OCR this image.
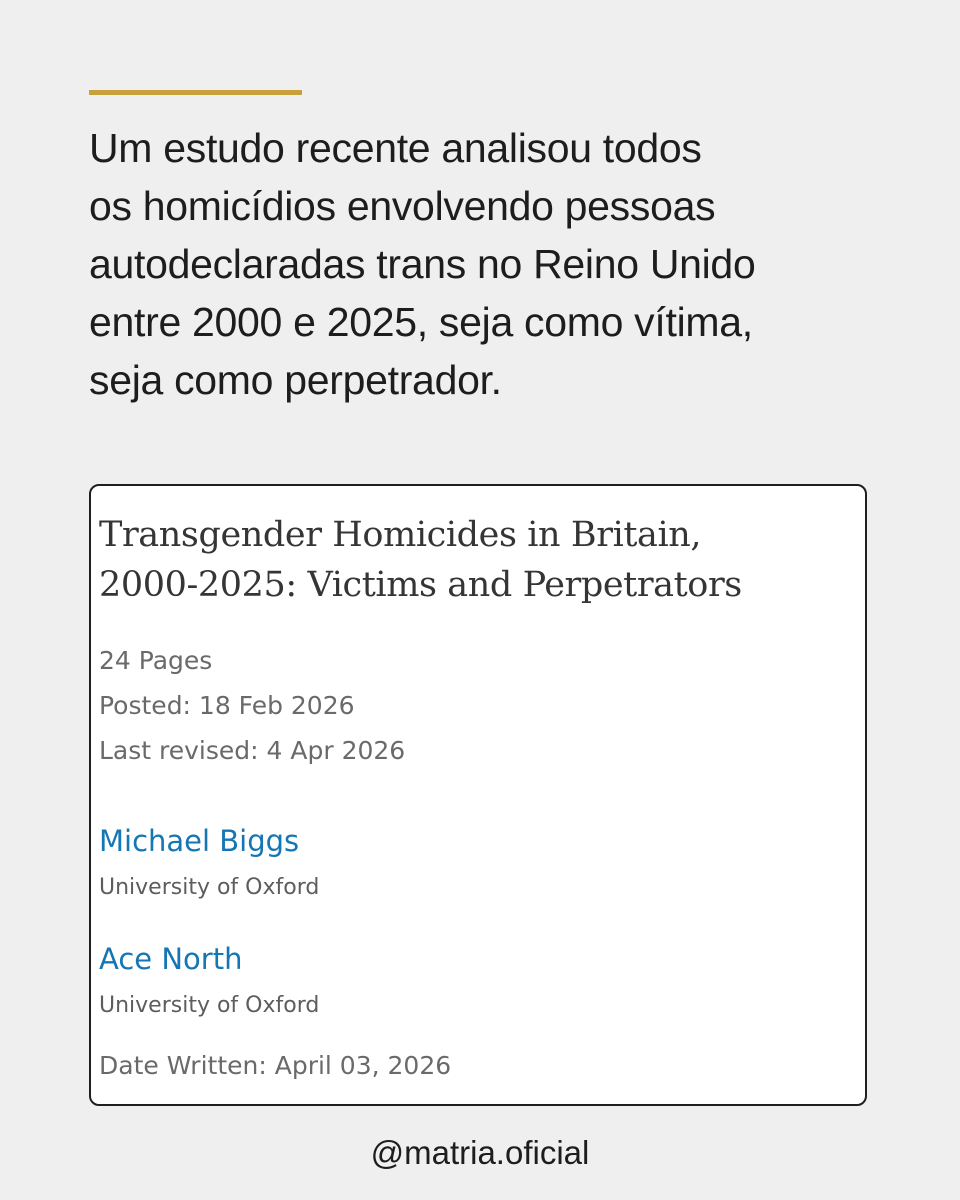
Um estudo recente analisou todos
os homicídios envolvendo pessoas
autodeclaradas trans no Reino Unido
entre 2000 e 2025, seja como vítima,
seja como perpetrador.
Transgender Homicides in Britain,
2000-2025: Victims and Perpetrators
24 Pages
Posted: 18 Feb 2026
Last revised: 4 Apr 2026
Michael Biggs
University of Oxford
Ace North
University of Oxford
Date Written: April 03, 2026
@matria.oficial
